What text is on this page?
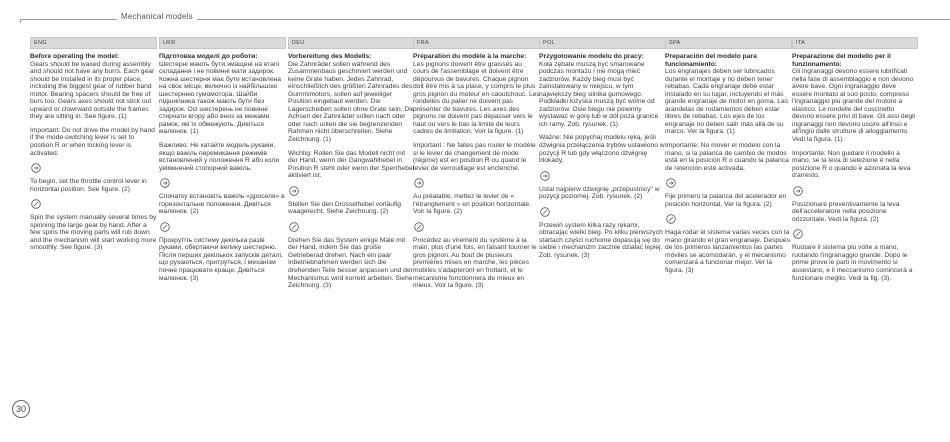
Mechanical models
ENG
Before operating the model:
Gears should be waxed during assembly and should not have any burrs. Each gear should be installed in its proper place, including the biggest gear of rubber band motor. Bearing spacers should be free of burs too. Gears axes should not stick out upward or clowrward outside the frames they are sitting in. See figure. (1)
Important: Do not drive the model by hand if the mode-switching lever is set to position R or when locking lever is activated.
To begin, set the throttle control lever in horizontal position. See figure. (2)
Spin the system manually several times by spinning the large gear by hand. After a few spins the moving parts will rub down and the mechanism will start working more smoothly. See figure. (3)
UKR
Підготовка моделі до роботи:
Шестерні мають бути змащені на етапі складання і не повинні мати задирок. Кожна шестерня має бути встановлена на своє місце, включно із найбільшою шестернею гумомотора. Шайби підшипника також мають бути без задирок. Осі шестерень не повинні стирчати вгору або вниз за межами рамок, які їх обмежують. Дивіться малюнок. (1)
Важливо: Не катайте модель руками, якщо важіль перемикання режимів встановлений у положення R або коли увімкнений стопорний важіль.
Спочатку встановіть важіль «дроселя» в горизонтальне положення. Дивіться малюнок. (2)
Прокрутіть систему декілька разів руками, обертаючи велику шестерню. Після перших декількох запусків деталі, що рухаються, притруться, і механізм почне працювати краще. Дивіться малюнок. (3)
DEU
Vorbereitung des Modells:
Die Zahnräder sollen während des Zusammenbaus geschmiert werden und keine Grate haben. Jedes Zahnrad, einschließlich des größten Zahnrades des Gummimotors, sollen auf jeweiliger Position eingebaut werden. Die Lagerscheiben sollen ohne Grate sein. Die Achsen der Zahnräder sollen nach oder oder nach unten die sie begrenzenden Rahmen nicht überschreiten. Siehe Zeichnung. (1)
Wichtig: Rollen Sie das Modell nicht mit der Hand, wenn der Gangwahlhebel in Position R steht oder wenn der Sperrhebel aktiviert ist.
Stellen Sie den Drosselhebel vorläufig waagerecht. Siehe Zeichnung. (2)
Drehen Sie das System einige Male mit der Hand, indem Sie das große Getrieberad drehen. Nach ein paar Inbetriebnahmen werden sich die drehenden Teile besser anpassen und der Mechanismus wird korrekt arbeiten. Siehe Zeichnung. (3)
FRA
Préparation du modèle à la marche:
Les pignons doivent être graissés au cours de l'assemblage et doivent être dépourvus de bavures. Chaque pignon doit être mis à sa place, y compris le plus gros pignon du moteur en caoutchouc. Les rondelles du palier ne doivent pas présenter de bavures. Les axes des pignons ne doivent pas dépasser vers le haut ou vers le bas la limite de leurs cadres de limitation. Voir la figure. (1)
Important : Ne faites pas rouler le modèle si le levier de changement de mode (régime) est en position R ou quand le levier de verrouillage est enclenché.
Au préalable, mettez le levier de « l'étranglement » en position horizontale. Voir la figure. (2)
Procédez au virement du système à la main, plus d'une fois, en faisant tourner le gros pignon. Au bout de plusieurs premières mises en marche, les pièces mobiles s'adapteront en frottant, et le mécanisme fonctionnera de mieux en mieux. Voir la figure. (3)
POL
Przygotowanie modelu do pracy:
Koła zębate muszą być smarowane podczas montażu i nie mogą mieć zadziorów. Każdy bieg musi być zainstalowany w miejscu, w tym największy bieg silnika gumowego. Podkładki łożyska muszą być wolne od zadziorów. Osie biegu nie powinny wystawać w górę lub w dół poza granice ich ramy. Zob. rysunek. (1)
Ważne: Nie popychaj modelu ręką, jeśli dźwignia przełączenia trybów ustawiono w pozycji R lub gdy włączono dźwignię blokady.
Ustal najpierw dźwignię „przepustnicy" w pozycji poziomej. Zob. rysunek. (2)
Przewiń system kilka razy rękami, obracając wielki bieg. Po kilku pierwszych startach części ruchome dopasują się do siebie i mechanizm zacznie działać lepiej. Zob. rysunek. (3)
SPA
Preparación del modelo para funcionamiento:
Los engranajes deben ser lubricados durante el montaje y no deben tener rebabas. Cada engranaje debe estar instalado en su lugar, incluyendo el más grande engranaje de motor en goma. Las arandelas de rodamientos deben estar libres de rebabas. Los ejes de los engranaje no deben salir más allá de su marco. Ver la figura. (1)
Importante: No mover el modelo con la mano, si la palanca de cambio de modos está en la posición R o cuando la palanca de retención esté activada.
Fije primero la palanca del acelerador en posición horizontal. Ver la figura. (2)
Haga rodar el sistema varias veces con la mano girando el gran engranaje. Después de los primeros lanzamientos las partes móviles se acomodarán, y el mecanismo comenzará a funcionar mejor. Ver la figura. (3)
ITA
Preparazione del modello per il funzionamento:
Gli ingranaggi devono essere lubrificati nella fase di assemblaggio e non devono avere bave. Ogni ingranaggio deve essere montato al suo posto, compreso l'ingranaggio più grande del motore a elastico. Le rondelle del cuscinetto devono essere privi di bave. Gli assi degli ingranaggi non devono uscire all'insù e all'ingiù dalle strutture di alloggiamento. Vedi la figura. (1)
Importante: Non guidare il modello a mano, se la leva di selezione è nella posizione R o quando è azionata la leva d'arresto.
Posizionare preventivamente la leva dell'acceleratore nella posizione orizzontale. Vedi la figura. (2)
Ruotare il sistema più volte a mano, ruotando l'ingranaggio grande. Dopo le prime prove le parti in movimento si assestano, e il meccanismo comincerà a funzionare meglio. Vedi la fig. (3).
30
